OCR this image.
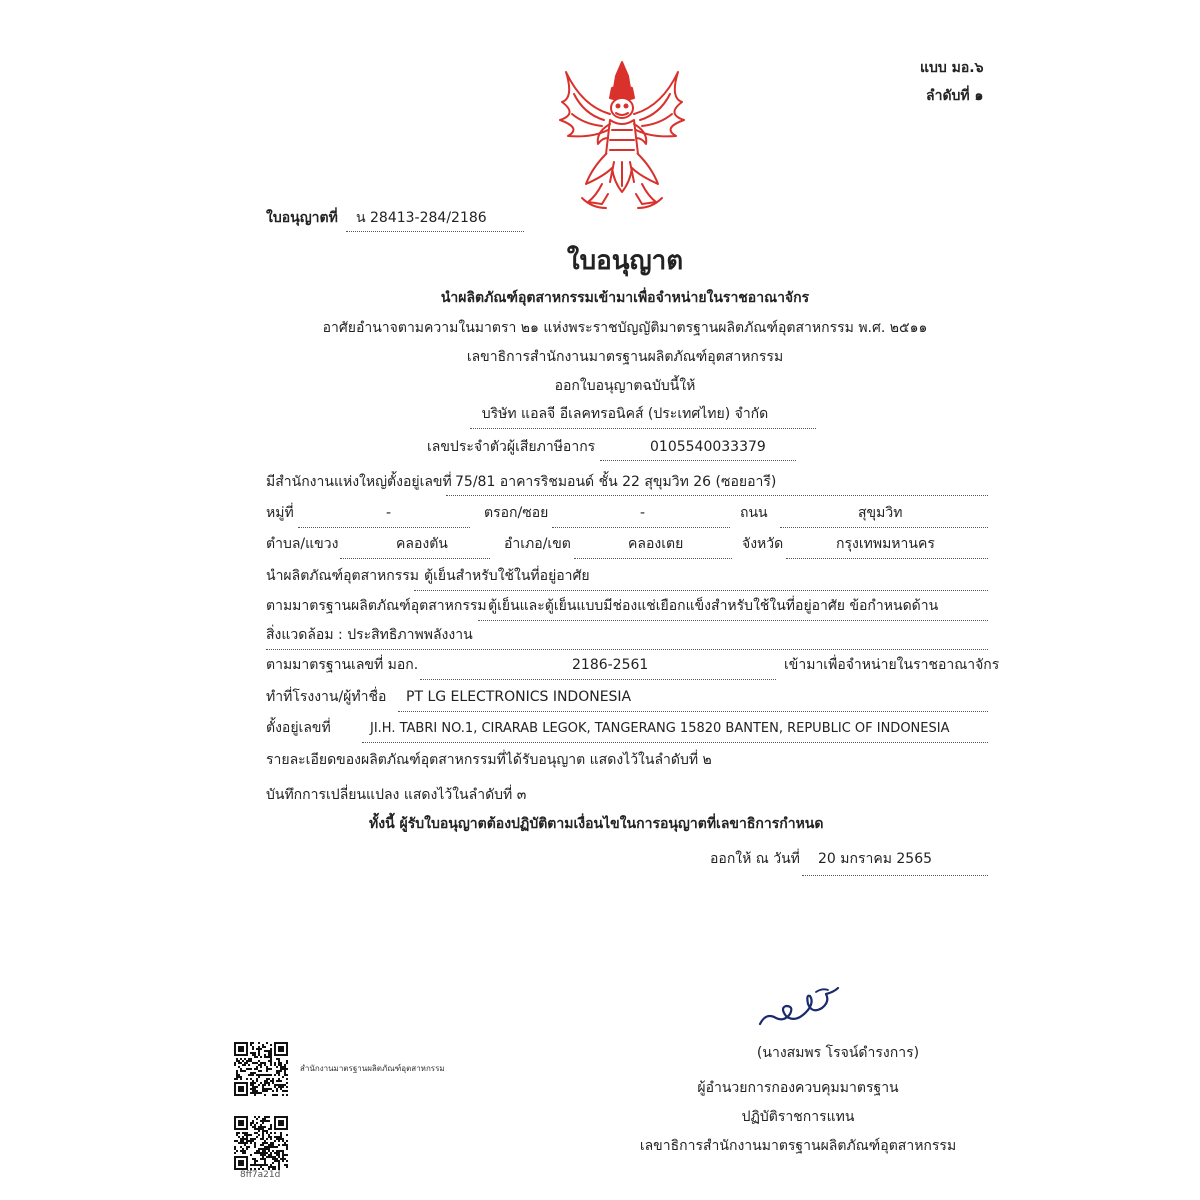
แบบ มอ.๖
ลำดับที่ ๑
ใบอนุญาตที่ น 28413-284/2186
ใบอนุญาต
นำผลิตภัณฑ์อุตสาหกรรมเข้ามาเพื่อจำหน่ายในราชอาณาจักร
อาศัยอำนาจตามความในมาตรา ๒๑ แห่งพระราชบัญญัติมาตรฐานผลิตภัณฑ์อุตสาหกรรม พ.ศ. ๒๕๑๑
เลขาธิการสำนักงานมาตรฐานผลิตภัณฑ์อุตสาหกรรม
ออกใบอนุญาตฉบับนี้ให้
บริษัท แอลจี อีเลคทรอนิคส์ (ประเทศไทย) จำกัด
เลขประจำตัวผู้เสียภาษีอากร	0105540033379
มีสำนักงานแห่งใหญ่ตั้งอยู่เลขที่ 75/81 อาคารริชมอนด์ ชั้น 22 สุขุมวิท 26 (ซอยอารี)
หมู่ที่	-	ตรอก/ซอย	-	ถนน	สุขุมวิท
ตำบล/แขวง	คลองตัน	อำเภอ/เขต	คลองเตย	จังหวัด	กรุงเทพมหานคร
นำผลิตภัณฑ์อุตสาหกรรม ตู้เย็นสำหรับใช้ในที่อยู่อาศัย
ตามมาตรฐานผลิตภัณฑ์อุตสาหกรรม ตู้เย็นและตู้เย็นแบบมีช่องแช่เยือกแข็งสำหรับใช้ในที่อยู่อาศัย ข้อกำหนดด้าน
สิ่งแวดล้อม : ประสิทธิภาพพลังงาน
ตามมาตรฐานเลขที่ มอก.	2186-2561	เข้ามาเพื่อจำหน่ายในราชอาณาจักร
ทำที่โรงงาน/ผู้ทำชื่อ PT LG ELECTRONICS INDONESIA
ตั้งอยู่เลขที่	JI.H. TABRI NO.1, CIRARAB LEGOK, TANGERANG 15820 BANTEN, REPUBLIC OF INDONESIA
รายละเอียดของผลิตภัณฑ์อุตสาหกรรมที่ได้รับอนุญาต แสดงไว้ในลำดับที่ ๒
บันทึกการเปลี่ยนแปลง แสดงไว้ในลำดับที่ ๓
ทั้งนี้ ผู้รับใบอนุญาตต้องปฏิบัติตามเงื่อนไขในการอนุญาตที่เลขาธิการกำหนด
ออกให้ ณ วันที่ 20 มกราคม 2565
(นางสมพร โรจน์ดำรงการ)
ผู้อำนวยการกองควบคุมมาตรฐาน
ปฏิบัติราชการแทน
เลขาธิการสำนักงานมาตรฐานผลิตภัณฑ์อุตสาหกรรม
สำนักงานมาตรฐานผลิตภัณฑ์อุตสาหกรรม
8ff7a21d
